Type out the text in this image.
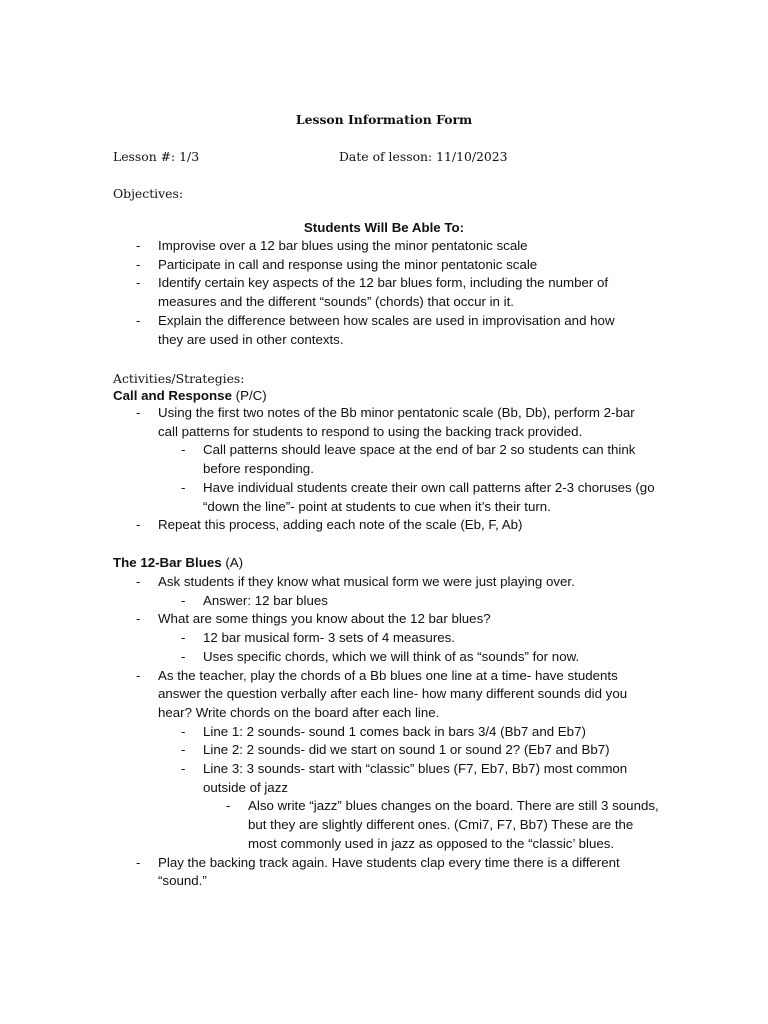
Lesson Information Form
Lesson #: 1/3	Date of lesson: 11/10/2023
Objectives:
Students Will Be Able To:
- Improvise over a 12 bar blues using the minor pentatonic scale
- Participate in call and response using the minor pentatonic scale
- Identify certain key aspects of the 12 bar blues form, including the number of measures and the different “sounds” (chords) that occur in it.
- Explain the difference between how scales are used in improvisation and how they are used in other contexts.
Activities/Strategies:
Call and Response (P/C)
- Using the first two notes of the Bb minor pentatonic scale (Bb, Db), perform 2-bar call patterns for students to respond to using the backing track provided.
- Call patterns should leave space at the end of bar 2 so students can think before responding.
- Have individual students create their own call patterns after 2-3 choruses (go “down the line”- point at students to cue when it’s their turn.
- Repeat this process, adding each note of the scale (Eb, F, Ab)
The 12-Bar Blues (A)
- Ask students if they know what musical form we were just playing over.
- Answer: 12 bar blues
- What are some things you know about the 12 bar blues?
- 12 bar musical form- 3 sets of 4 measures.
- Uses specific chords, which we will think of as “sounds” for now.
- As the teacher, play the chords of a Bb blues one line at a time- have students answer the question verbally after each line- how many different sounds did you hear? Write chords on the board after each line.
- Line 1: 2 sounds- sound 1 comes back in bars 3/4 (Bb7 and Eb7)
- Line 2: 2 sounds- did we start on sound 1 or sound 2? (Eb7 and Bb7)
- Line 3: 3 sounds- start with “classic” blues (F7, Eb7, Bb7) most common outside of jazz
- Also write “jazz” blues changes on the board. There are still 3 sounds, but they are slightly different ones. (Cmi7, F7, Bb7) These are the most commonly used in jazz as opposed to the “classic’ blues.
- Play the backing track again. Have students clap every time there is a different “sound.”
